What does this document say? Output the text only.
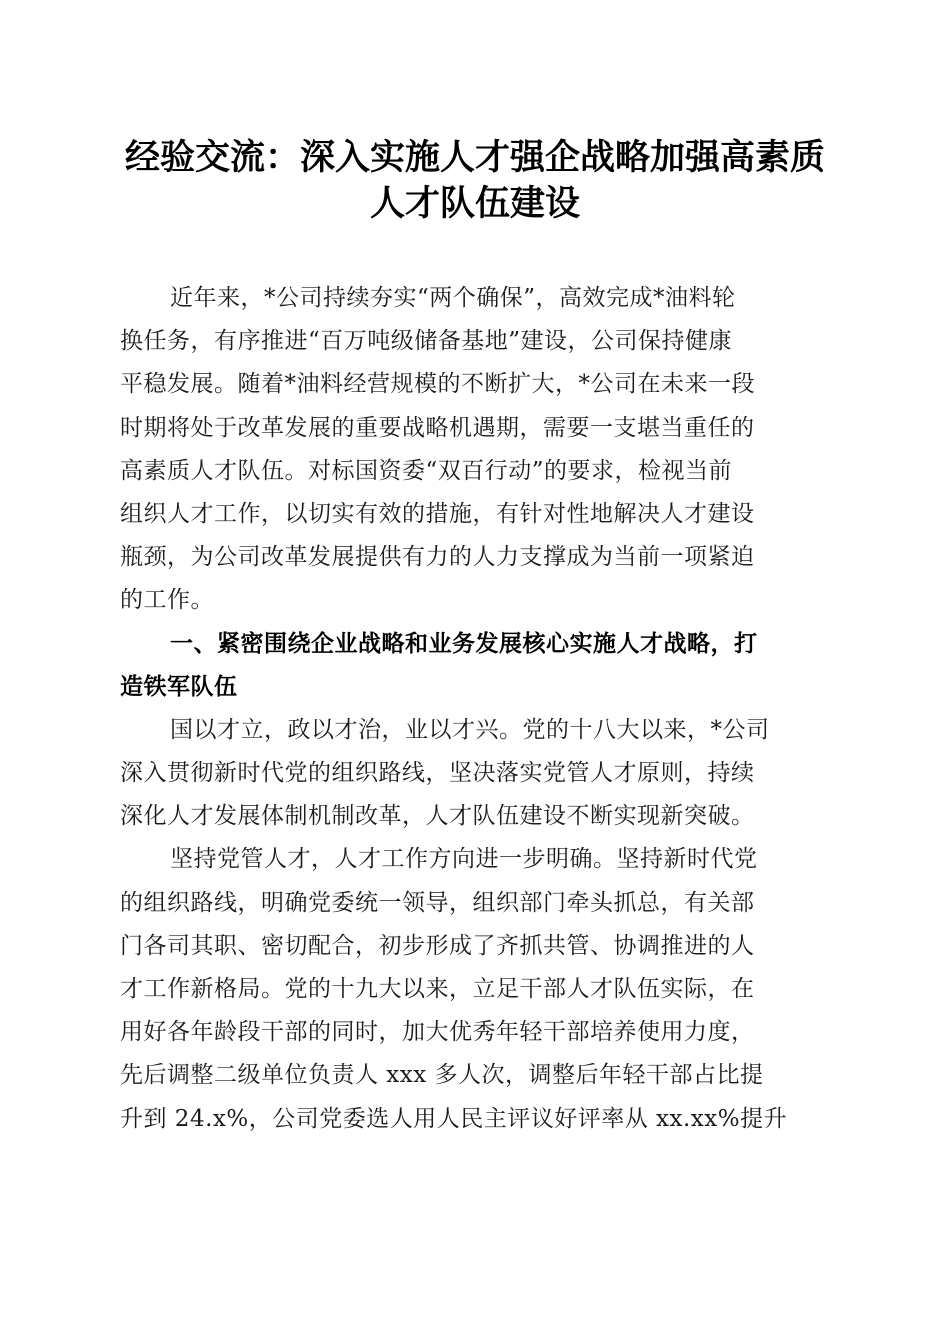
经验交流：深入实施人才强企战略加强高素质
人才队伍建设
近年来，*公司持续夯实“两个确保”，高效完成*油料轮
换任务，有序推进“百万吨级储备基地”建设，公司保持健康
平稳发展。随着*油料经营规模的不断扩大，*公司在未来一段
时期将处于改革发展的重要战略机遇期，需要一支堪当重任的
高素质人才队伍。对标国资委“双百行动”的要求，检视当前
组织人才工作，以切实有效的措施，有针对性地解决人才建设
瓶颈，为公司改革发展提供有力的人力支撑成为当前一项紧迫
的工作。
一、紧密围绕企业战略和业务发展核心实施人才战略，打
造铁军队伍
国以才立，政以才治，业以才兴。党的十八大以来，*公司
深入贯彻新时代党的组织路线，坚决落实党管人才原则，持续
深化人才发展体制机制改革，人才队伍建设不断实现新突破。
坚持党管人才，人才工作方向进一步明确。坚持新时代党
的组织路线，明确党委统一领导，组织部门牵头抓总，有关部
门各司其职、密切配合，初步形成了齐抓共管、协调推进的人
才工作新格局。党的十九大以来，立足干部人才队伍实际，在
用好各年龄段干部的同时，加大优秀年轻干部培养使用力度，
先后调整二级单位负责人 xxx 多人次，调整后年轻干部占比提
升到 24.x%，公司党委选人用人民主评议好评率从 xx.xx%提升
